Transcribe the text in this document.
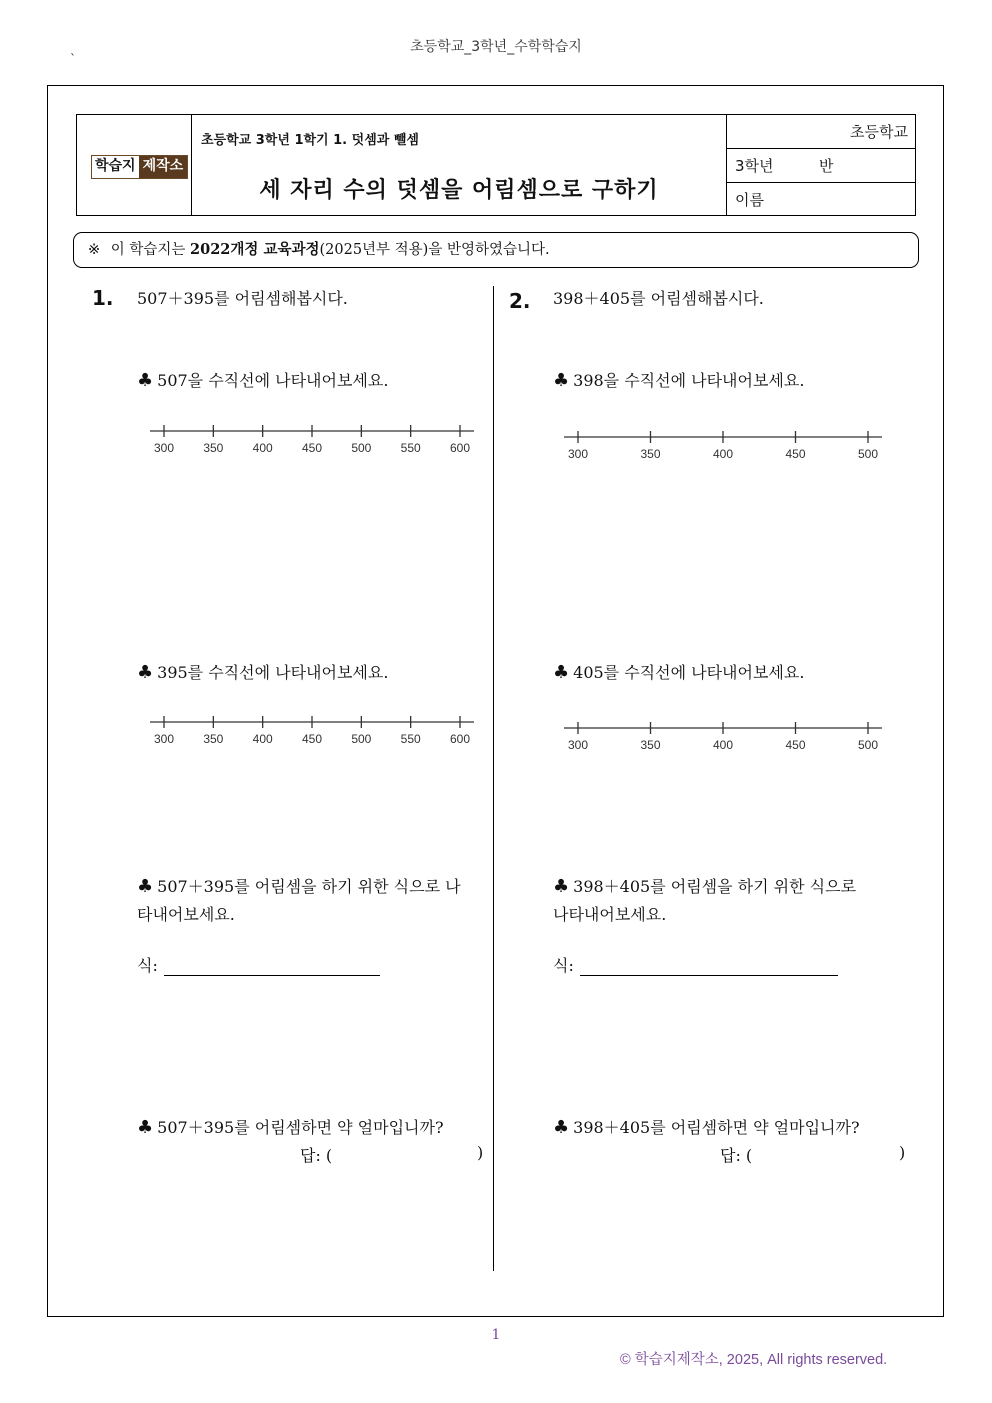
초등학교_3학년_수학학습지
`
학습지 제작소
초등학교 3학년 1학기 1. 덧셈과 뺄셈
세 자리 수의 덧셈을 어림셈으로 구하기
초등학교
3학년	반
이름
※ 이 학습지는 2022개정 교육과정(2025년부 적용)을 반영하였습니다.
1. 507＋395를 어림셈해봅시다.
♣ 507을 수직선에 나타내어보세요.
300 350 400 450 500 550 600
♣ 395를 수직선에 나타내어보세요.
300 350 400 450 500 550 600
♣ 507＋395를 어림셈을 하기 위한 식으로 나
타내어보세요.
식:
♣ 507＋395를 어림셈하면 약 얼마입니까?
답: (	)
2. 398＋405를 어림셈해봅시다.
♣ 398을 수직선에 나타내어보세요.
300	350	400	450	500
♣ 405를 수직선에 나타내어보세요.
300	350	400	450	500
♣ 398＋405를 어림셈을 하기 위한 식으로
나타내어보세요.
식:
♣ 398＋405를 어림셈하면 약 얼마입니까?
답: (	)
1
© 학습지제작소, 2025, All rights reserved.
